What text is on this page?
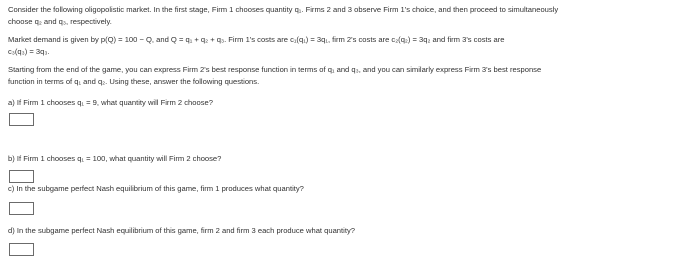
Consider the following oligopolistic market. In the first stage, Firm 1 chooses quantity q₁. Firms 2 and 3 observe Firm 1's choice, and then proceed to simultaneously
choose q₂ and q₃, respectively.
Market demand is given by p(Q) = 100 − Q, and Q = q₁ + q₂ + q₃. Firm 1's costs are c₁(q₁) = 3q₁, firm 2's costs are c₂(q₂) = 3q₂ and firm 3's costs are
c₃(q₃) = 3q₃.
Starting from the end of the game, you can express Firm 2's best response function in terms of q₁ and q₃, and you can similarly express Firm 3's best response
function in terms of q₁ and q₂. Using these, answer the following questions.
a) If Firm 1 chooses q₁ = 9, what quantity will Firm 2 choose?
b) If Firm 1 chooses q₁ = 100, what quantity will Firm 2 choose?
c) In the subgame perfect Nash equilibrium of this game, firm 1 produces what quantity?
d) In the subgame perfect Nash equilibrium of this game, firm 2 and firm 3 each produce what quantity?
